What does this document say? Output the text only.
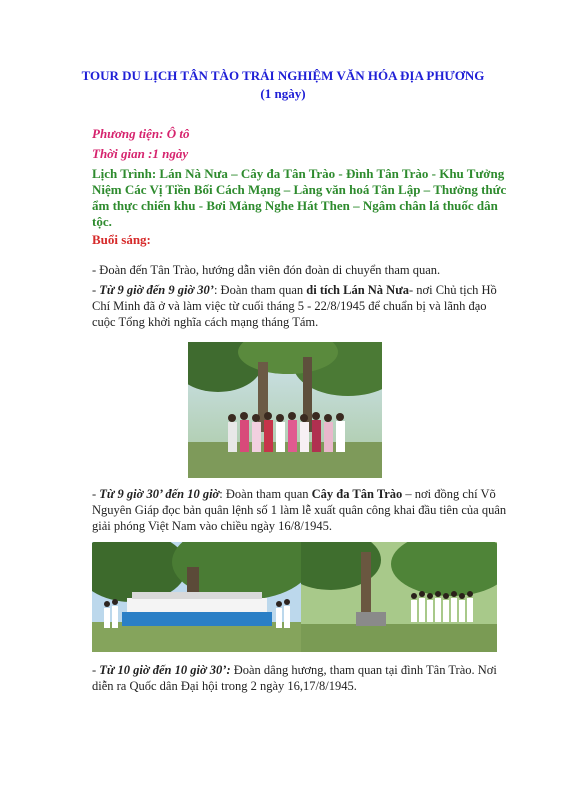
TOUR DU LỊCH TÂN TÀO TRẢI NGHIỆM VĂN HÓA ĐỊA PHƯƠNG
(1 ngày)
Phương tiện: Ô tô
Thời gian :1 ngày
Lịch Trình: Lán Nà Nưa – Cây đa Tân Trào - Đình Tân Trào - Khu Tưởng Niệm Các Vị Tiền Bối Cách Mạng – Làng văn hoá Tân Lập – Thưởng thức ẩm thực chiến khu - Bơi Mảng Nghe Hát Then – Ngâm chân lá thuốc dân tộc.
Buổi sáng:
- Đoàn đến Tân Trào, hướng dẫn viên đón đoàn di chuyển tham quan.
- Từ 9 giờ đến 9 giờ 30’: Đoàn tham quan di tích Lán Nà Nưa- nơi Chủ tịch Hồ Chí Minh đã ở và làm việc từ cuối tháng 5 - 22/8/1945 để chuẩn bị và lãnh đạo cuộc Tổng khởi nghĩa cách mạng tháng Tám.
- Từ 9 giờ 30’ đến 10 giờ: Đoàn tham quan Cây đa Tân Trào – nơi đồng chí Võ Nguyên Giáp đọc bản quân lệnh số 1 làm lễ xuất quân công khai đầu tiên của quân giải phóng Việt Nam vào chiều ngày 16/8/1945.
- Từ 10 giờ đến 10 giờ 30’: Đoàn dâng hương, tham quan tại đình Tân Trào. Nơi diễn ra Quốc dân Đại hội trong 2 ngày 16,17/8/1945.
